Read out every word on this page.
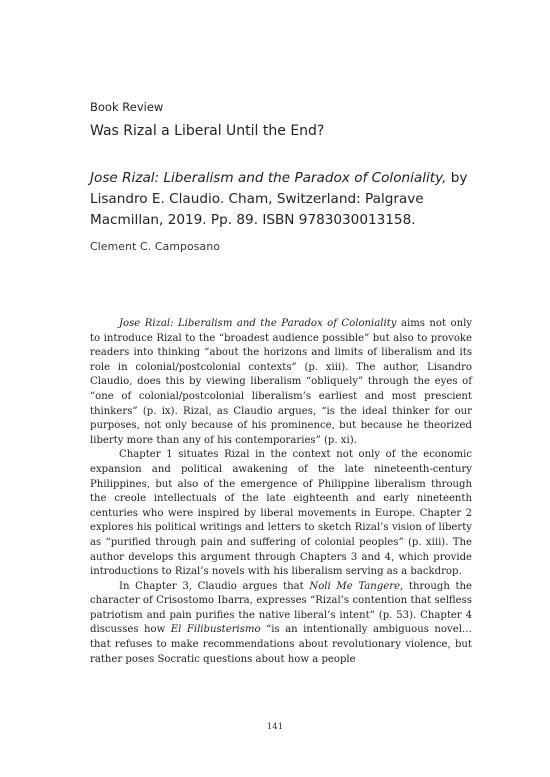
Book Review
Was Rizal a Liberal Until the End?
Jose Rizal: Liberalism and the Paradox of Coloniality, by Lisandro E. Claudio. Cham, Switzerland: Palgrave Macmillan, 2019. Pp. 89. ISBN 9783030013158.
Clement C. Camposano

Jose Rizal: Liberalism and the Paradox of Coloniality aims not only to introduce Rizal to the “broadest audience possible” but also to provoke readers into thinking “about the horizons and limits of liberalism and its role in colonial/postcolonial contexts” (p. xiii). The author, Lisandro Claudio, does this by viewing liberalism “obliquely” through the eyes of “one of colonial/postcolonial liberalism’s earliest and most prescient thinkers” (p. ix). Rizal, as Claudio argues, “is the ideal thinker for our purposes, not only because of his prominence, but because he theorized liberty more than any of his contemporaries” (p. xi).

Chapter 1 situates Rizal in the context not only of the economic expansion and political awakening of the late nineteenth-century Philippines, but also of the emergence of Philippine liberalism through the creole intellectuals of the late eighteenth and early nineteenth centuries who were inspired by liberal movements in Europe. Chapter 2 explores his political writings and letters to sketch Rizal’s vision of liberty as “purified through pain and suffering of colonial peoples” (p. xiii). The author develops this argument through Chapters 3 and 4, which provide introductions to Rizal’s novels with his liberalism serving as a backdrop.

In Chapter 3, Claudio argues that Noli Me Tangere, through the character of Crisostomo Ibarra, expresses “Rizal’s contention that selfless patriotism and pain purifies the native liberal’s intent” (p. 53). Chapter 4 discusses how El Filibusterismo “is an intentionally ambiguous novel… that refuses to make recommendations about revolutionary violence, but rather poses Socratic questions about how a people

141
